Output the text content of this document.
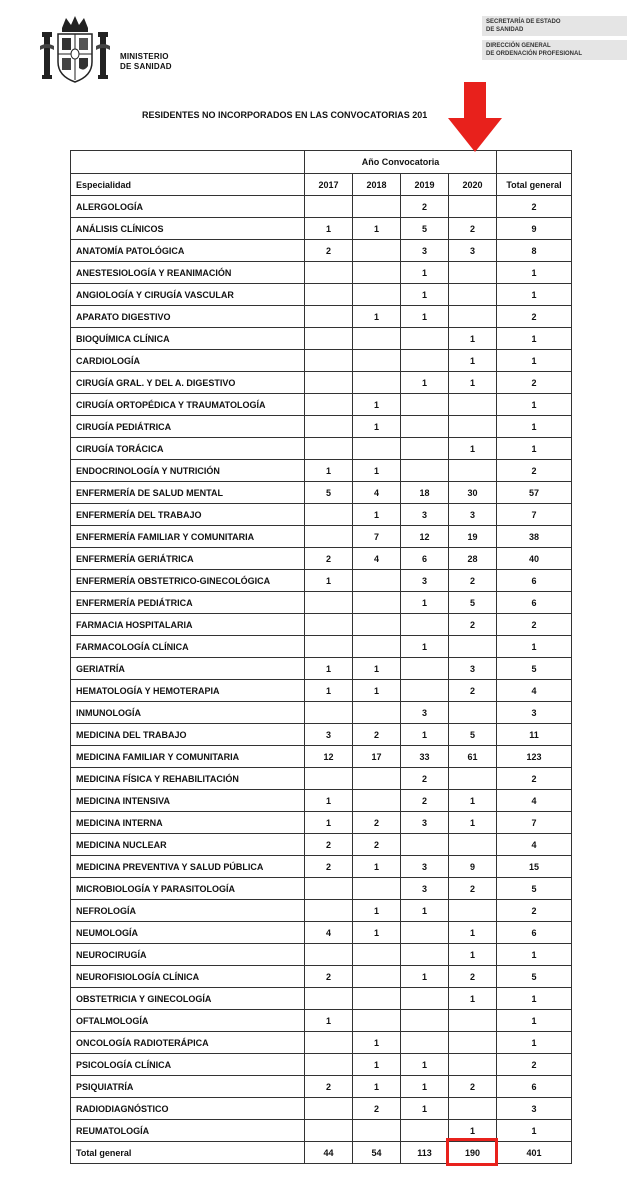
MINISTERIO
DE SANIDAD
SECRETARÍA DE ESTADO
DE SANIDAD
DIRECCIÓN GENERAL
DE ORDENACIÓN PROFESIONAL
RESIDENTES NO INCORPORADOS EN LAS CONVOCATORIAS 201
	Año Convocatoria				
Especialidad	2017	2018	2019	2020	Total general
ALERGOLOGÍA			2		2
ANÁLISIS CLÍNICOS	1	1	5	2	9
ANATOMÍA PATOLÓGICA	2		3	3	8
ANESTESIOLOGÍA Y REANIMACIÓN			1		1
ANGIOLOGÍA Y CIRUGÍA VASCULAR			1		1
APARATO DIGESTIVO		1	1		2
BIOQUÍMICA CLÍNICA				1	1
CARDIOLOGÍA				1	1
CIRUGÍA GRAL. Y DEL A. DIGESTIVO			1	1	2
CIRUGÍA ORTOPÉDICA Y TRAUMATOLOGÍA		1			1
CIRUGÍA PEDIÁTRICA		1			1
CIRUGÍA TORÁCICA				1	1
ENDOCRINOLOGÍA Y NUTRICIÓN	1	1			2
ENFERMERÍA DE SALUD MENTAL	5	4	18	30	57
ENFERMERÍA DEL TRABAJO		1	3	3	7
ENFERMERÍA FAMILIAR Y COMUNITARIA		7	12	19	38
ENFERMERÍA GERIÁTRICA	2	4	6	28	40
ENFERMERÍA OBSTETRICO-GINECOLÓGICA	1		3	2	6
ENFERMERÍA PEDIÁTRICA			1	5	6
FARMACIA HOSPITALARIA				2	2
FARMACOLOGÍA CLÍNICA			1		1
GERIATRÍA	1	1		3	5
HEMATOLOGÍA Y HEMOTERAPIA	1	1		2	4
INMUNOLOGÍA			3		3
MEDICINA DEL TRABAJO	3	2	1	5	11
MEDICINA FAMILIAR Y COMUNITARIA	12	17	33	61	123
MEDICINA FÍSICA Y REHABILITACIÓN			2		2
MEDICINA INTENSIVA	1		2	1	4
MEDICINA INTERNA	1	2	3	1	7
MEDICINA NUCLEAR	2	2			4
MEDICINA PREVENTIVA Y SALUD PÚBLICA	2	1	3	9	15
MICROBIOLOGÍA Y PARASITOLOGÍA			3	2	5
NEFROLOGÍA		1	1		2
NEUMOLOGÍA	4	1		1	6
NEUROCIRUGÍA				1	1
NEUROFISIOLOGÍA CLÍNICA	2		1	2	5
OBSTETRICIA Y GINECOLOGÍA				1	1
OFTALMOLOGÍA	1				1
ONCOLOGÍA RADIOTERÁPICA		1			1
PSICOLOGÍA CLÍNICA		1	1		2
PSIQUIATRÍA	2	1	1	2	6
RADIODIAGNÓSTICO		2	1		3
REUMATOLOGÍA				1	1
Total general	44	54	113	190	401
